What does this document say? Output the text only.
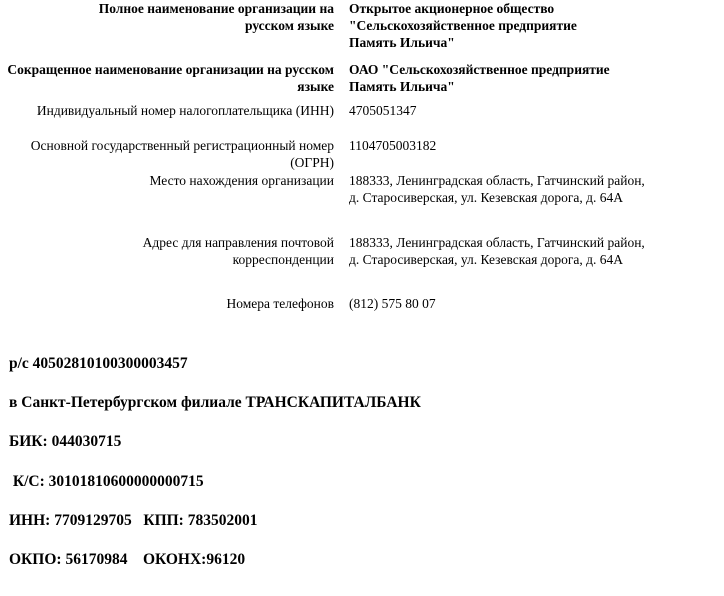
Полное наименование организации на русском языке
Открытое акционерное общество "Сельскохозяйственное предприятие Память Ильича"
Сокращенное наименование организации на русском языке
ОАО "Сельскохозяйственное предприятие Память Ильича"
Индивидуальный номер налогоплательщика (ИНН) 4705051347
Основной государственный регистрационный номер (ОГРН)
1104705003182
Место нахождения организации 188333, Ленинградская область, Гатчинский район, д. Старосиверская, ул. Кезевская дорога, д. 64А
Адрес для направления почтовой корреспонденции
188333, Ленинградская область, Гатчинский район, д. Старосиверская, ул. Кезевская дорога, д. 64А
Номера телефонов (812) 575 80 07
р/с 40502810100300003457
в Санкт-Петербургском филиале ТРАНСКАПИТАЛБАНК
БИК: 044030715
К/С: 30101810600000000715
ИНН: 7709129705   КПП: 783502001
ОКПО: 56170984    ОКОНХ:96120
